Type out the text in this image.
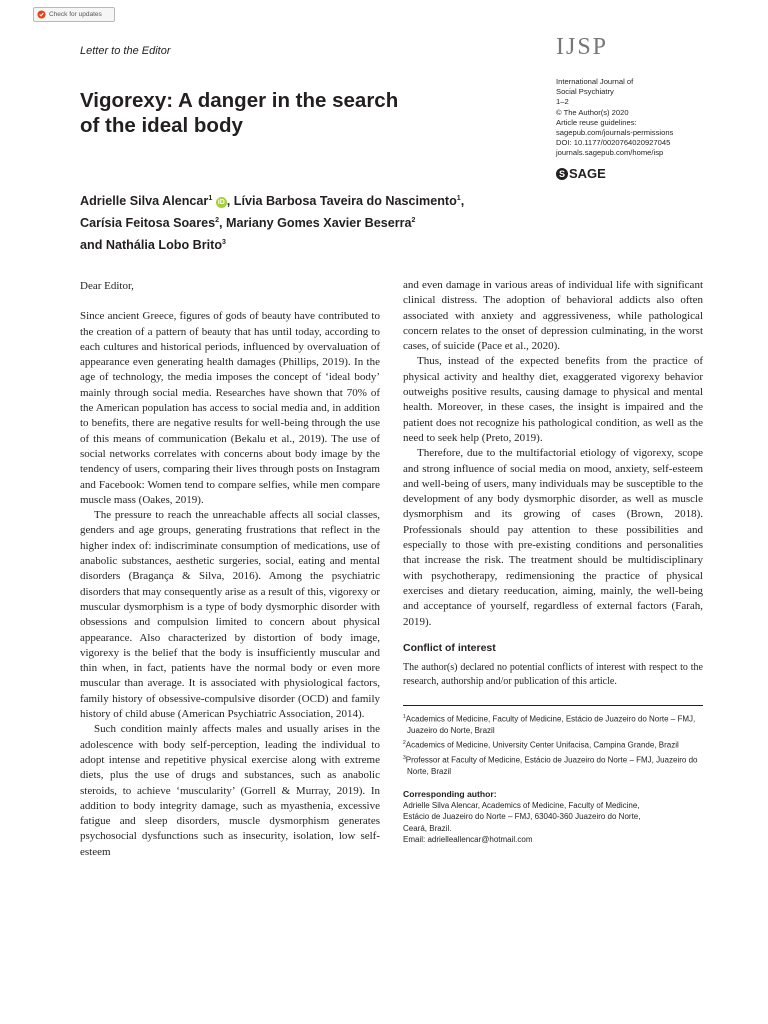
Check for updates
Letter to the Editor
Vigorexy: A danger in the search of the ideal body
IJSP
International Journal of
Social Psychiatry
1–2
© The Author(s) 2020
Article reuse guidelines:
sagepub.com/journals-permissions
DOI: 10.1177/0020764020927045
journals.sagepub.com/home/isp
S SAGE
Adrielle Silva Alencar$^1$ iD , Lívia Barbosa Taveira do Nascimento$^1$,
Carísia Feitosa Soares$^2$, Mariany Gomes Xavier Beserra$^2$
and Nathália Lobo Brito$^3$

Dear Editor,

Since ancient Greece, figures of gods of beauty have contributed to the creation of a pattern of beauty that has until today, according to each cultures and historical periods, influenced by overvaluation of appearance even generating health damages (Phillips, 2019). In the age of technology, the media imposes the concept of ‘ideal body’ mainly through social media. Researches have shown that 70% of the American population has access to social media and, in addition to benefits, there are negative results for well-being through the use of this means of communication (Bekalu et al., 2019). The use of social networks correlates with concerns about body image by the tendency of users, comparing their lives through posts on Instagram and Facebook: Women tend to compare selfies, while men compare muscle mass (Oakes, 2019).

The pressure to reach the unreachable affects all social classes, genders and age groups, generating frustrations that reflect in the higher index of: indiscriminate consumption of medications, use of anabolic substances, aesthetic surgeries, social, eating and mental disorders (Bragança & Silva, 2016). Among the psychiatric disorders that may consequently arise as a result of this, vigorexy or muscular dysmorphism is a type of body dysmorphic disorder with obsessions and compulsion limited to concern about physical appearance. Also characterized by distortion of body image, vigorexy is the belief that the body is insufficiently muscular and thin when, in fact, patients have the normal body or even more muscular than average. It is associated with physiological factors, family history of obsessive-compulsive disorder (OCD) and family history of child abuse (American Psychiatric Association, 2014).

Such condition mainly affects males and usually arises in the adolescence with body self-perception, leading the individual to adopt intense and repetitive physical exercise along with extreme diets, plus the use of drugs and substances, such as anabolic steroids, to achieve ‘muscularity’ (Gorrell & Murray, 2019). In addition to body integrity damage, such as myasthenia, excessive fatigue and sleep disorders, muscle dysmorphism generates psychosocial dysfunctions such as insecurity, isolation, low self-esteem

and even damage in various areas of individual life with significant clinical distress. The adoption of behavioral addicts also often associated with anxiety and aggressiveness, while pathological concern relates to the onset of depression culminating, in the worst cases, of suicide (Pace et al., 2020).

Thus, instead of the expected benefits from the practice of physical activity and healthy diet, exaggerated vigorexy behavior outweighs positive results, causing damage to physical and mental health. Moreover, in these cases, the insight is impaired and the patient does not recognize his pathological condition, as well as the need to seek help (Preto, 2019).

Therefore, due to the multifactorial etiology of vigorexy, scope and strong influence of social media on mood, anxiety, self-esteem and well-being of users, many individuals may be susceptible to the development of any body dysmorphic disorder, as well as muscle dysmorphism and its growing of cases (Brown, 2018). Professionals should pay attention to these possibilities and especially to those with pre-existing conditions and personalities that increase the risk. The treatment should be multidisciplinary with psychotherapy, redimensioning the practice of physical exercises and dietary reeducation, aiming, mainly, the well-being and acceptance of yourself, regardless of external factors (Farah, 2019).

Conflict of interest

The author(s) declared no potential conflicts of interest with respect to the research, authorship and/or publication of this article.

$^1$Academics of Medicine, Faculty of Medicine, Estácio de Juazeiro do Norte – FMJ, Juazeiro do Norte, Brazil
$^2$Academics of Medicine, University Center Unifacisa, Campina Grande, Brazil
$^3$Professor at Faculty of Medicine, Estácio de Juazeiro do Norte – FMJ, Juazeiro do Norte, Brazil
Corresponding author:
Adrielle Silva Alencar, Academics of Medicine, Faculty of Medicine,
Estácio de Juazeiro do Norte – FMJ, 63040-360 Juazeiro do Norte,
Ceará, Brazil.
Email: adrielleallencar@hotmail.com
